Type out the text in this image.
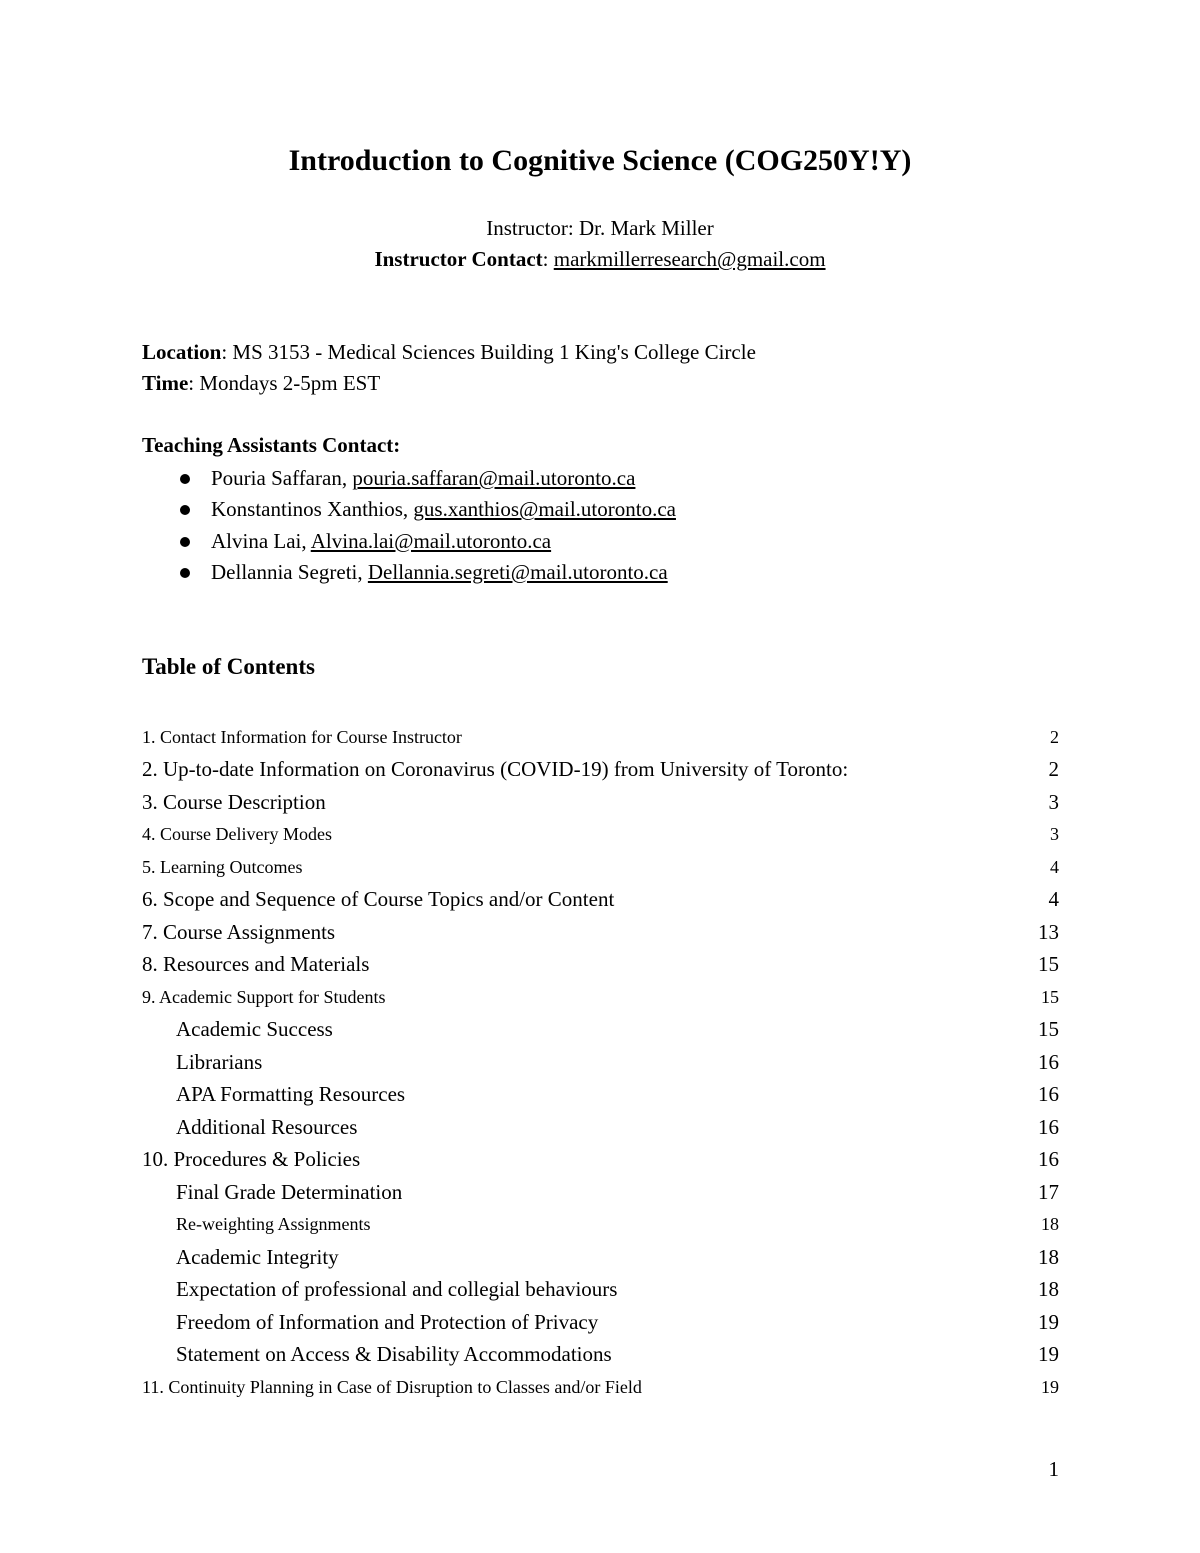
Introduction to Cognitive Science (COG250Y!Y)
Instructor: Dr. Mark Miller
Instructor Contact: markmillerresearch@gmail.com
Location: MS 3153 - Medical Sciences Building 1 King's College Circle
Time: Mondays 2-5pm EST
Teaching Assistants Contact:
Pouria Saffaran, pouria.saffaran@mail.utoronto.ca
Konstantinos Xanthios, gus.xanthios@mail.utoronto.ca
Alvina Lai, Alvina.lai@mail.utoronto.ca
Dellannia Segreti, Dellannia.segreti@mail.utoronto.ca
Table of Contents
1. Contact Information for Course Instructor	2
2. Up-to-date Information on Coronavirus (COVID-19) from University of Toronto:	2
3. Course Description	3
4. Course Delivery Modes	3
5. Learning Outcomes	4
6. Scope and Sequence of Course Topics and/or Content	4
7. Course Assignments	13
8. Resources and Materials	15
9. Academic Support for Students	15
Academic Success	15
Librarians	16
APA Formatting Resources	16
Additional Resources	16
10. Procedures & Policies	16
Final Grade Determination	17
Re-weighting Assignments	18
Academic Integrity	18
Expectation of professional and collegial behaviours	18
Freedom of Information and Protection of Privacy	19
Statement on Access & Disability Accommodations	19
11. Continuity Planning in Case of Disruption to Classes and/or Field	19
1
